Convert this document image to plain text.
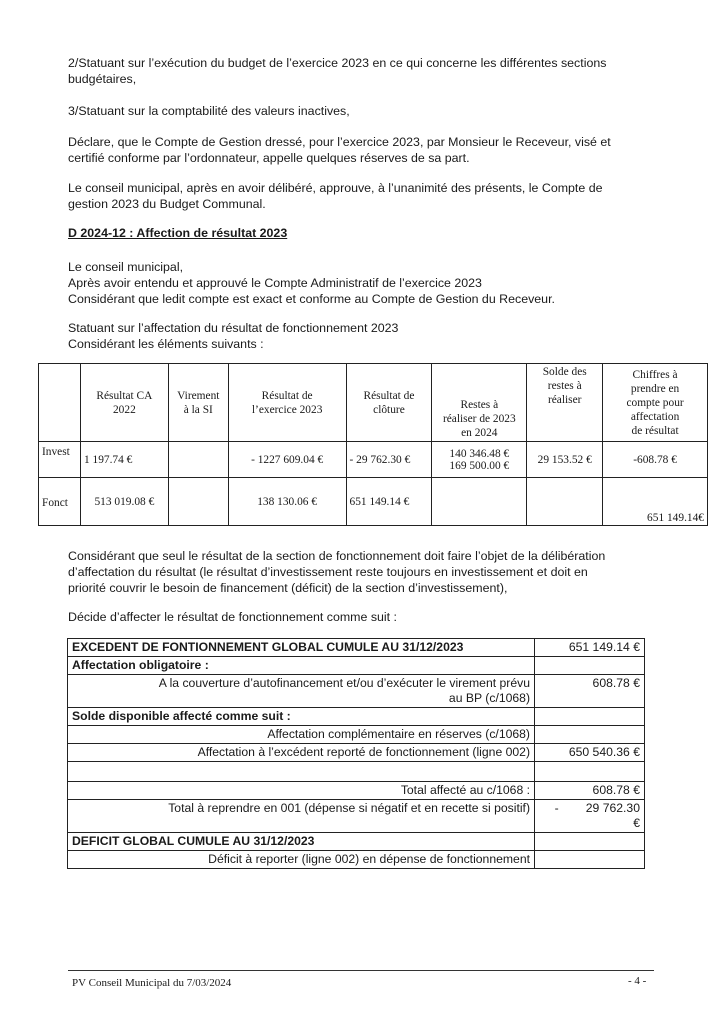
2/Statuant sur l’exécution du budget de l’exercice 2023 en ce qui concerne les différentes sections
budgétaires,
3/Statuant sur la comptabilité des valeurs inactives,
Déclare, que le Compte de Gestion dressé, pour l’exercice 2023, par Monsieur le Receveur, visé et
certifié conforme par l’ordonnateur, appelle quelques réserves de sa part.
Le conseil municipal, après en avoir délibéré, approuve, à l’unanimité des présents, le Compte de
gestion 2023 du Budget Communal.
D 2024-12 : Affection de résultat 2023
Le conseil municipal,
Après avoir entendu et approuvé le Compte Administratif de l’exercice 2023
Considérant que ledit compte est exact et conforme au Compte de Gestion du Receveur.
Statuant sur l’affectation du résultat de fonctionnement 2023
Considérant les éléments suivants :

	Résultat CA
2022	Virement
à la SI	Résultat de
l’exercice 2023	Résultat de
clôture	Restes à
réaliser de 2023
en 2024	Solde des
restes à
réaliser	Chiffres à
prendre en
compte pour
affectation
de résultat

Invest	1 197.74 €		- 1227 609.04 €	- 29 762.30 €	140 346.48 €
169 500.00 €	29 153.52 €	-608.78 €
Fonct	513 019.08 €		138 130.06 €	651 149.14 €			651 149.14€
Considérant que seul le résultat de la section de fonctionnement doit faire l’objet de la délibération
d’affectation du résultat (le résultat d’investissement reste toujours en investissement et doit en
priorité couvrir le besoin de financement (déficit) de la section d’investissement),
Décide d’affecter le résultat de fonctionnement comme suit :
EXCEDENT DE FONTIONNEMENT GLOBAL CUMULE AU 31/12/2023	651 149.14 €
Affectation obligatoire :	

A la couverture d’autofinancement et/ou d’exécuter le virement prévu
au BP (c/1068)	608.78 €
Solde disponible affecté comme suit :	
Affectation complémentaire en réserves (c/1068)	
Affectation à l’excédent reporté de fonctionnement (ligne 002)	650 540.36 €

Total affecté au c/1068 :	608.78 €
Total à reprendre en 001 (dépense si négatif et en recette si positif)	-        29 762.30
€

DEFICIT GLOBAL CUMULE AU 31/12/2023	
Déficit à reporter (ligne 002) en dépense de fonctionnement	
PV Conseil Municipal du 7/03/2024	- 4 -
